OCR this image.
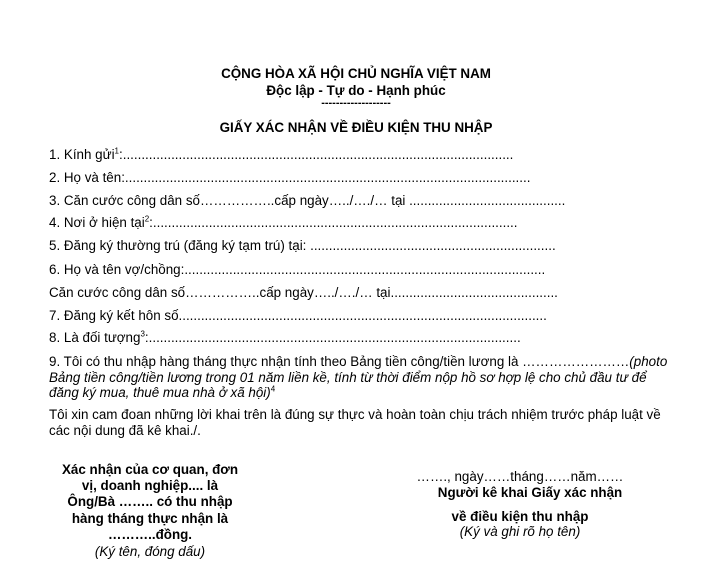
CỘNG HÒA XÃ HỘI CHỦ NGHĨA VIỆT NAM
Độc lập - Tự do - Hạnh phúc
-------------------
GIẤY XÁC NHẬN VỀ ĐIỀU KIỆN THU NHẬP
1. Kính gửi$^1$:.........................................................................................................
2. Họ và tên:.............................................................................................................
3. Căn cước công dân số……………..cấp ngày…../…./… tại ..........................................
4. Nơi ở hiện tại$^2$:..................................................................................................
5. Đăng ký thường trú (đăng ký tạm trú) tại: ..................................................................
6. Họ và tên vợ/chồng:.................................................................................................
Căn cước công dân số……………..cấp ngày…../…./… tại.............................................
7. Đăng ký kết hôn số...................................................................................................
8. Là đối tượng$^3$:....................................................................................................
9. Tôi có thu nhập hàng tháng thực nhận tính theo Bảng tiền công/tiền lương là ……………………(photo
Bảng tiền công/tiền lương trong 01 năm liền kề, tính từ thời điểm nộp hồ sơ hợp lệ cho chủ đầu tư để
đăng ký mua, thuê mua nhà ở xã hội)$^4$
Tôi xin cam đoan những lời khai trên là đúng sự thực và hoàn toàn chịu trách nhiệm trước pháp luật về
các nội dung đã kê khai./.
Xác nhận của cơ quan, đơn
vị, doanh nghiệp.... là
Ông/Bà …….. có thu nhập
hàng tháng thực nhận là
………..đồng.
(Ký tên, đóng dấu)
……., ngày……tháng……năm……
Người kê khai Giấy xác nhận
về điều kiện thu nhập
(Ký và ghi rõ họ tên)
